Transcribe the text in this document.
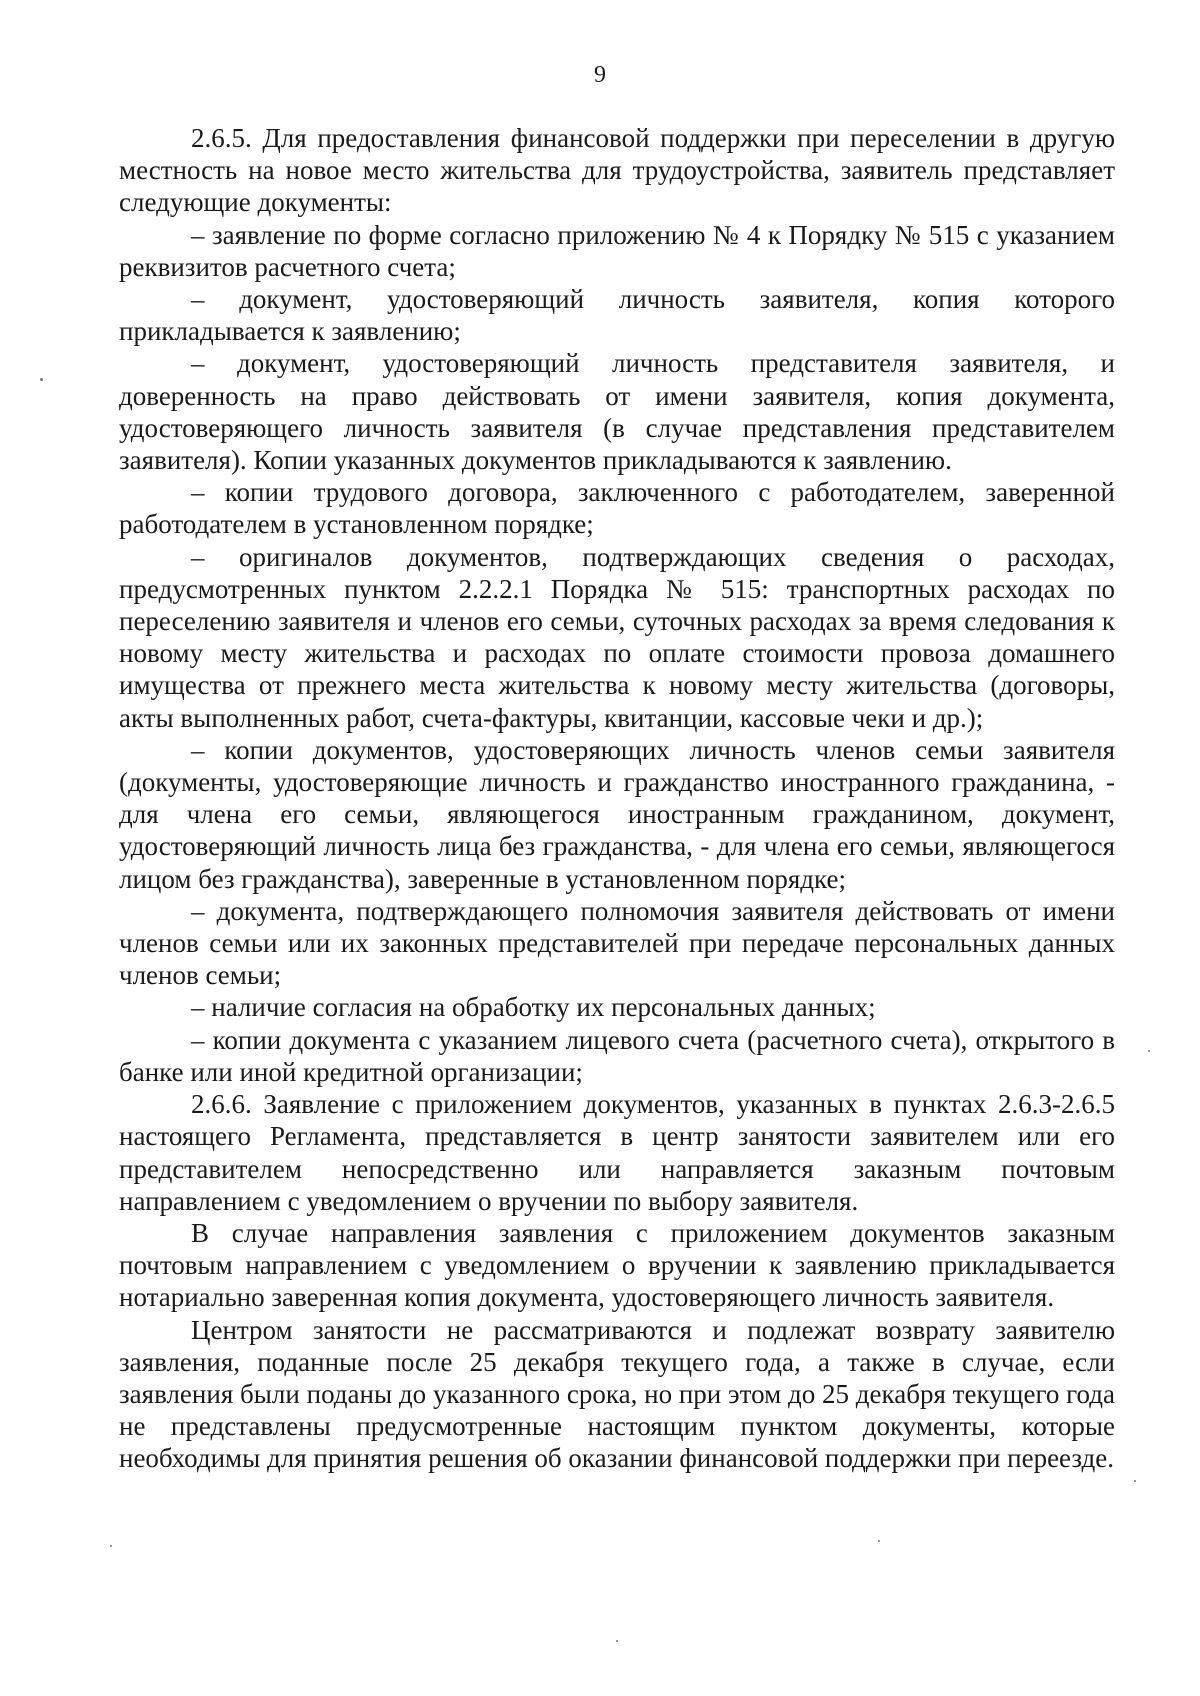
9

2.6.5. Для предоставления финансовой поддержки при переселении в другую местность на новое место жительства для трудоустройства, заявитель представляет следующие документы:

– заявление по форме согласно приложению № 4 к Порядку № 515 с указанием реквизитов расчетного счета;

– документ, удостоверяющий личность заявителя, копия которого прикладывается к заявлению;

– документ, удостоверяющий личность представителя заявителя, и доверенность на право действовать от имени заявителя, копия документа, удостоверяющего личность заявителя (в случае представления представителем заявителя). Копии указанных документов прикладываются к заявлению.

– копии трудового договора, заключенного с работодателем, заверенной работодателем в установленном порядке;

– оригиналов документов, подтверждающих сведения о расходах, предусмотренных пунктом 2.2.2.1 Порядка № 515: транспортных расходах по переселению заявителя и членов его семьи, суточных расходах за время следования к новому месту жительства и расходах по оплате стоимости провоза домашнего имущества от прежнего места жительства к новому месту жительства (договоры, акты выполненных работ, счета-фактуры, квитанции, кассовые чеки и др.);

– копии документов, удостоверяющих личность членов семьи заявителя (документы, удостоверяющие личность и гражданство иностранного гражданина, - для члена его семьи, являющегося иностранным гражданином, документ, удостоверяющий личность лица без гражданства, - для члена его семьи, являющегося лицом без гражданства), заверенные в установленном порядке;

– документа, подтверждающего полномочия заявителя действовать от имени членов семьи или их законных представителей при передаче персональных данных членов семьи;

– наличие согласия на обработку их персональных данных;

– копии документа с указанием лицевого счета (расчетного счета), открытого в банке или иной кредитной организации;

2.6.6. Заявление с приложением документов, указанных в пунктах 2.6.3-2.6.5 настоящего Регламента, представляется в центр занятости заявителем или его представителем непосредственно или направляется заказным почтовым направлением с уведомлением о вручении по выбору заявителя.

В случае направления заявления с приложением документов заказным почтовым направлением с уведомлением о вручении к заявлению прикладывается нотариально заверенная копия документа, удостоверяющего личность заявителя.

Центром занятости не рассматриваются и подлежат возврату заявителю заявления, поданные после 25 декабря текущего года, а также в случае, если заявления были поданы до указанного срока, но при этом до 25 декабря текущего года не представлены предусмотренные настоящим пунктом документы, которые необходимы для принятия решения об оказании финансовой поддержки при переезде.
